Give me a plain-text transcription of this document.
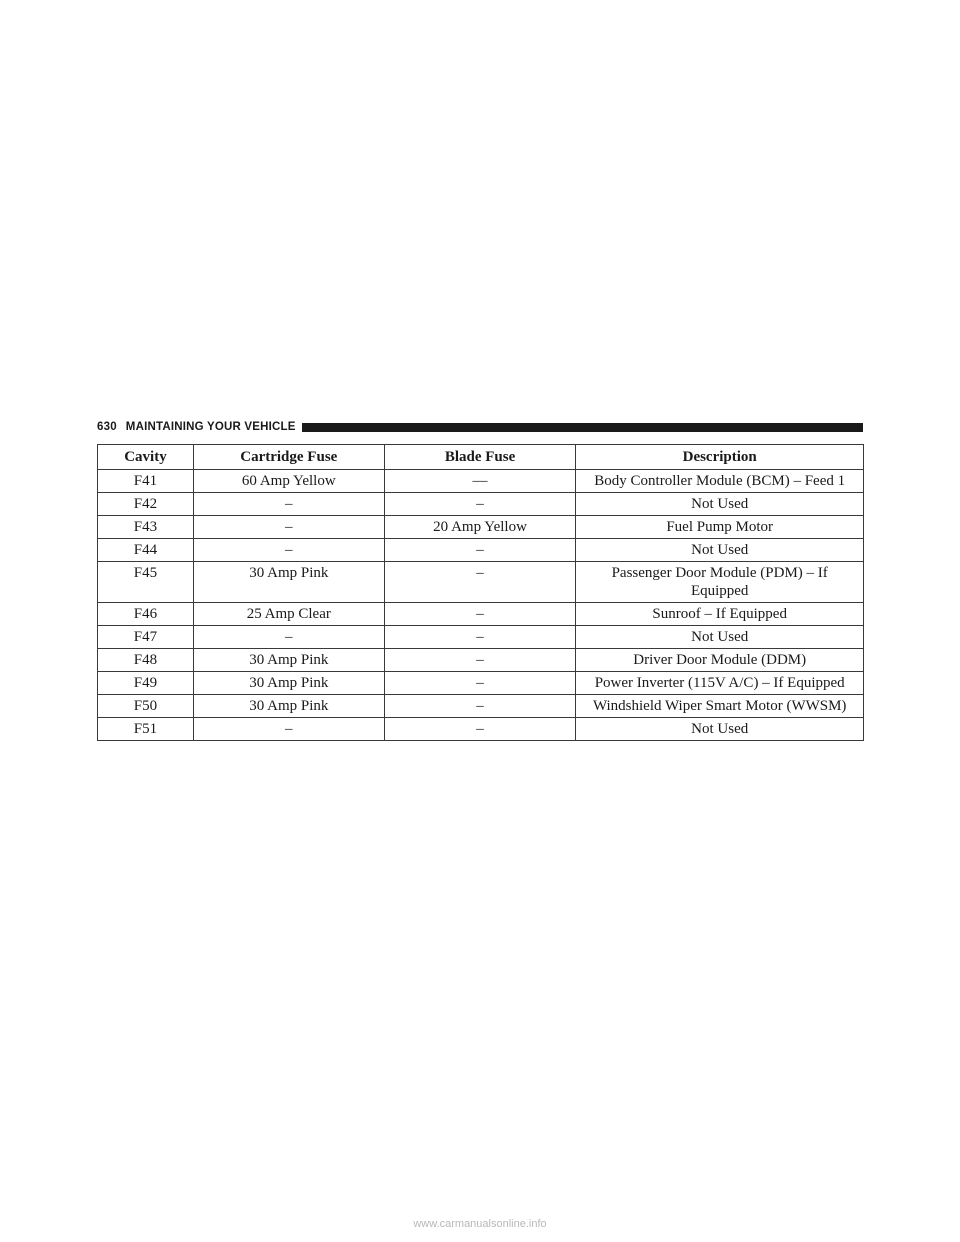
630 MAINTAINING YOUR VEHICLE
Cavity	Cartridge Fuse	Blade Fuse	Description
F41	60 Amp Yellow	—	Body Controller Module (BCM) – Feed 1
F42	–	–	Not Used
F43	–	20 Amp Yellow	Fuel Pump Motor
F44	–	–	Not Used
F45	30 Amp Pink	–	Passenger Door Module (PDM) – If Equipped
F46	25 Amp Clear	–	Sunroof – If Equipped
F47	–	–	Not Used
F48	30 Amp Pink	–	Driver Door Module (DDM)
F49	30 Amp Pink	–	Power Inverter (115V A/C) – If Equipped
F50	30 Amp Pink	–	Windshield Wiper Smart Motor (WWSM)
F51	–	–	Not Used
www.carmanualsonline.info
